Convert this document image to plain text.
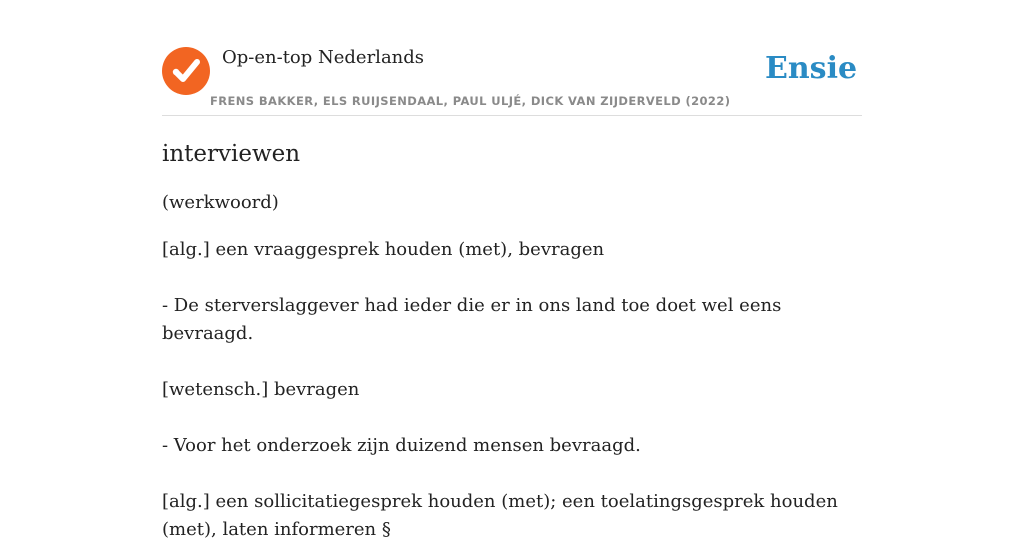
Op-en-top Nederlands
FRENS BAKKER, ELS RUIJSENDAAL, PAUL ULJÉ, DICK VAN ZIJDERVELD (2022)
Ensie
interviewen
(werkwoord)
[alg.] een vraaggesprek houden (met), bevragen
- De sterverslaggever had ieder die er in ons land toe doet wel eens bevraagd.
[wetensch.] bevragen
- Voor het onderzoek zijn duizend mensen bevraagd.
[alg.] een sollicitatiegesprek houden (met); een toelatingsgesprek houden (met), laten informeren §
